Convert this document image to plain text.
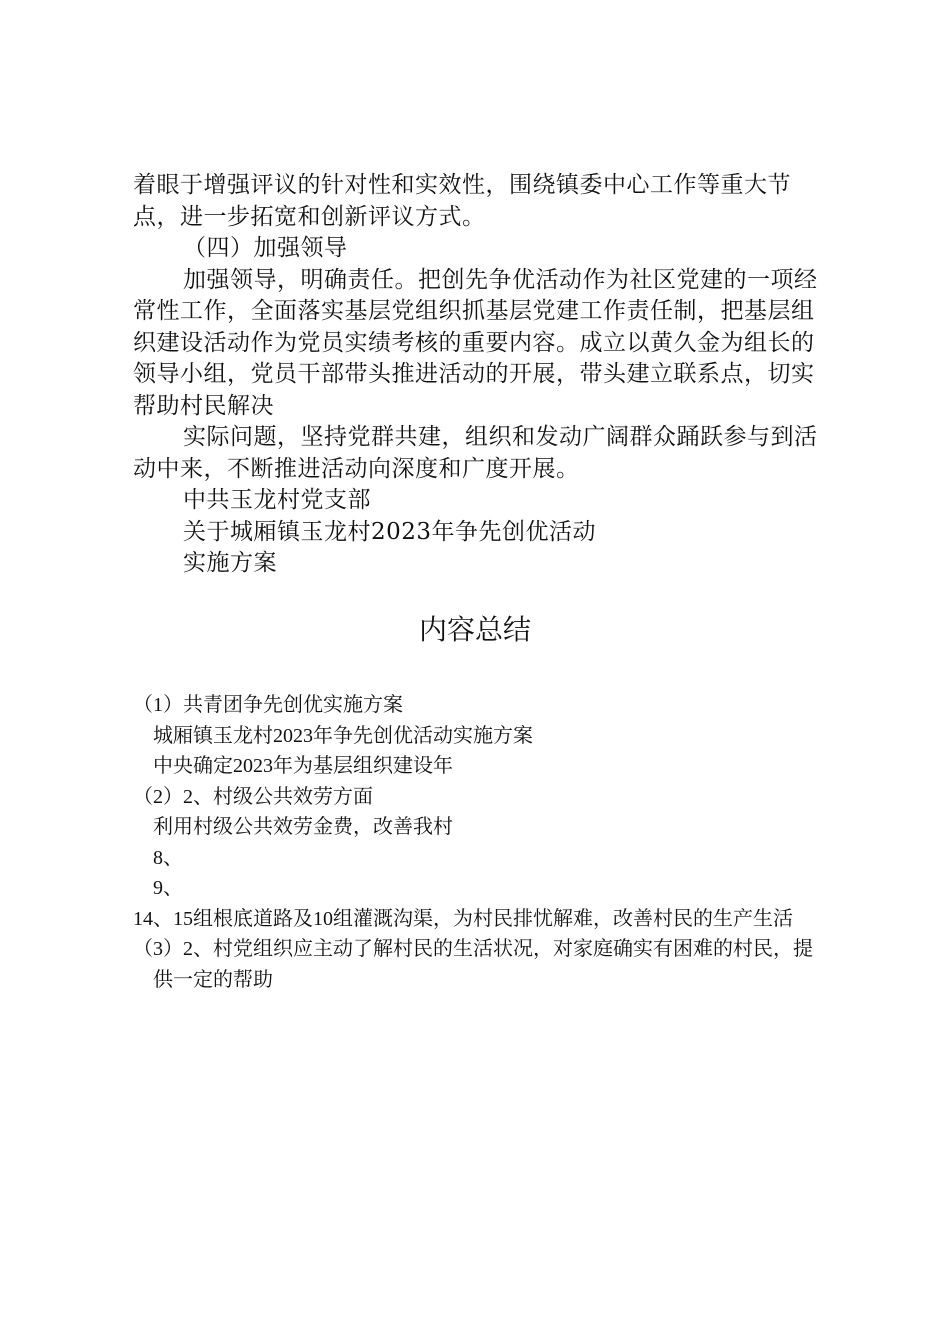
着眼于增强评议的针对性和实效性，围绕镇委中心工作等重大节点，进一步拓宽和创新评议方式。

（四）加强领导

加强领导，明确责任。把创先争优活动作为社区党建的一项经常性工作，全面落实基层党组织抓基层党建工作责任制，把基层组织建设活动作为党员实绩考核的重要内容。成立以黄久金为组长的领导小组，党员干部带头推进活动的开展，带头建立联系点，切实帮助村民解决

实际问题，坚持党群共建，组织和发动广阔群众踊跃参与到活动中来，不断推进活动向深度和广度开展。

中共玉龙村党支部

关于城厢镇玉龙村2023年争先创优活动

实施方案

内容总结

（1）共青团争先创优实施方案

城厢镇玉龙村2023年争先创优活动实施方案

中央确定2023年为基层组织建设年

（2）2、村级公共效劳方面

利用村级公共效劳金费，改善我村

8、

9、

14、15组根底道路及10组灌溉沟渠，为村民排忧解难，改善村民的生产生活

（3）2、村党组织应主动了解村民的生活状况，对家庭确实有困难的村民，提

供一定的帮助
